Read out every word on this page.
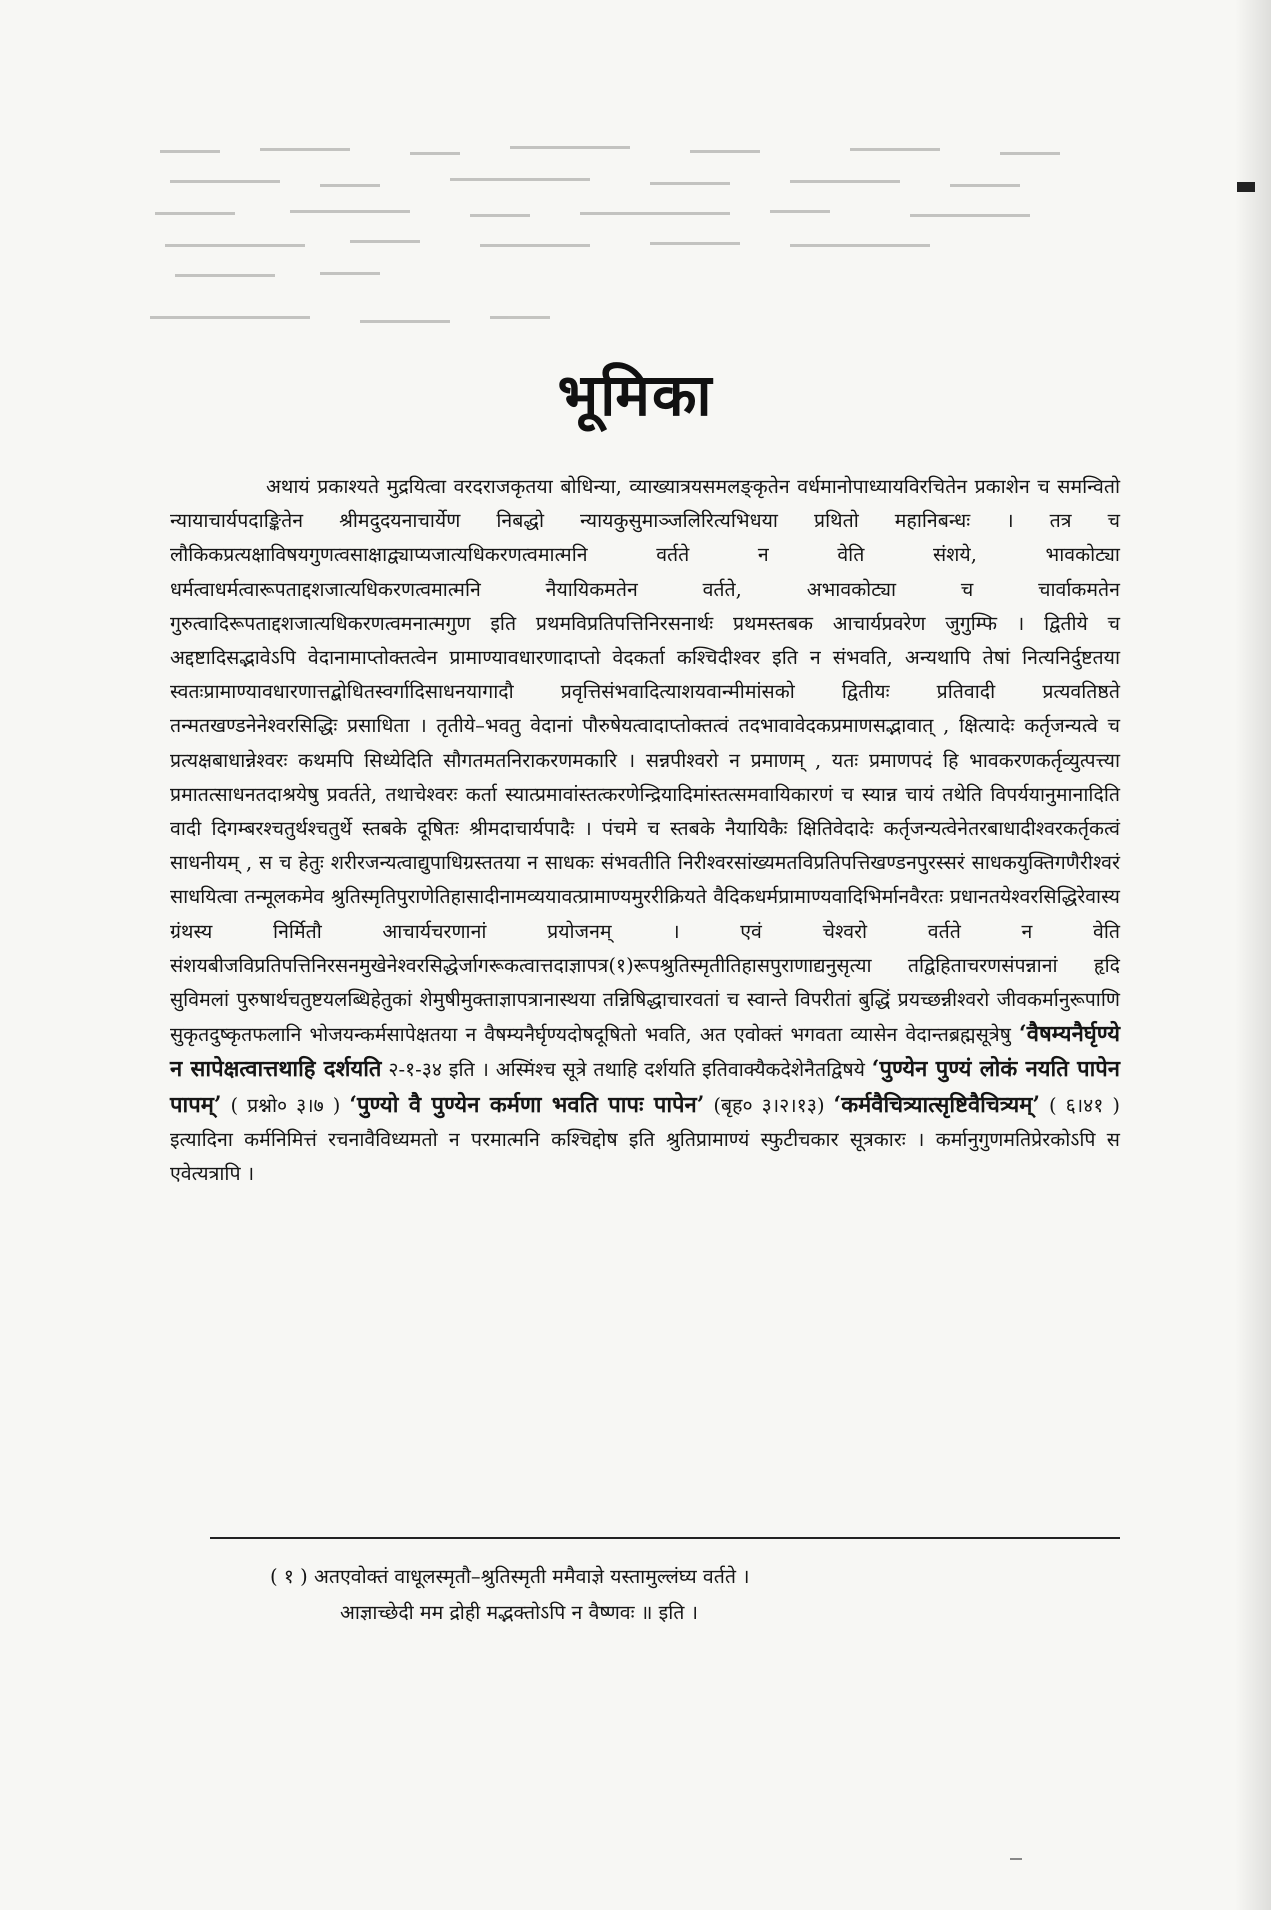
भूमिका

अथायं प्रकाश्यते मुद्रयित्वा वरदराजकृतया बोधिन्या, व्याख्यात्रयसमलङ्कृतेन वर्धमानोपाध्यायविरचितेन प्रकाशेन च समन्वितो न्यायाचार्यपदाङ्कितेन श्रीमदुदयनाचार्येण निबद्धो न्यायकुसुमाञ्जलिरित्यभिधया प्रथितो महानिबन्धः । तत्र च लौकिकप्रत्यक्षाविषयगुणत्वसाक्षाद्व्याप्यजात्यधिकरणत्वमात्मनि वर्तते न वेति संशये, भावकोट्या धर्मत्वाधर्मत्वारूपताद्दशजात्यधिकरणत्वमात्मनि नैयायिकमतेन वर्तते, अभावकोट्या च चार्वाकमतेन गुरुत्वादिरूपताद्दशजात्यधिकरणत्वमनात्मगुण इति प्रथमविप्रतिपत्तिनिरसनार्थः प्रथमस्तबक आचार्यप्रवरेण जुगुम्फि । द्वितीये च अद्दष्टादिसद्भावेऽपि वेदानामाप्तोक्तत्वेन प्रामाण्यावधारणादाप्तो वेदकर्ता कश्चिदीश्वर इति न संभवति, अन्यथापि तेषां नित्यनिर्दुष्टतया स्वतःप्रामाण्यावधारणात्तद्बोधितस्वर्गादिसाधनयागादौ प्रवृत्तिसंभवादित्याशयवान्मीमांसको द्वितीयः प्रतिवादी प्रत्यवतिष्ठते तन्मतखण्डनेनेश्वरसिद्धिः प्रसाधिता । तृतीये–भवतु वेदानां पौरुषेयत्वादाप्तोक्तत्वं तदभावावेदकप्रमाणसद्भावात् , क्षित्यादेः कर्तृजन्यत्वे च प्रत्यक्षबाधान्नेश्वरः कथमपि सिध्येदिति सौगतमतनिराकरणमकारि । सन्नपीश्वरो न प्रमाणम् , यतः प्रमाणपदं हि भावकरणकर्तृव्युत्पत्त्या प्रमातत्साधनतदाश्रयेषु प्रवर्तते, तथाचेश्वरः कर्ता स्यात्प्रमावांस्तत्करणेन्द्रियादिमांस्तत्समवायिकारणं च स्यान्न चायं तथेति विपर्ययानुमानादिति वादी दिगम्बरश्चतुर्थश्चतुर्थे स्तबके दूषितः श्रीमदाचार्यपादैः । पंचमे च स्तबके नैयायिकैः क्षितिवेदादेः कर्तृजन्यत्वेनेतरबाधादीश्वरकर्तृकत्वं साधनीयम् , स च हेतुः शरीरजन्यत्वाद्युपाधिग्रस्ततया न साधकः संभवतीति निरीश्वरसांख्यमतविप्रतिपत्तिखण्डनपुरस्सरं साधकयुक्तिगणैरीश्वरं साधयित्वा तन्मूलकमेव श्रुतिस्मृतिपुराणेतिहासादीनामव्ययावत्प्रामाण्यमुररीक्रियते वैदिकधर्मप्रामाण्यवादिभिर्मानवैरतः प्रधानतयेश्वरसिद्धिरेवास्य ग्रंथस्य निर्मितौ आचार्यचरणानां प्रयोजनम् । एवं चेश्वरो वर्तते न वेति संशयबीजविप्रतिपत्तिनिरसनमुखेनेश्वरसिद्धेर्जागरूकत्वात्तदाज्ञापत्र(१)रूपश्रुतिस्मृतीतिहासपुराणाद्यनुसृत्या तद्विहिताचरणसंपन्नानां हृदि सुविमलां पुरुषार्थचतुष्टयलब्धिहेतुकां शेमुषीमुक्ताज्ञापत्रानास्थया तन्निषिद्धाचारवतां च स्वान्ते विपरीतां बुद्धिं प्रयच्छन्नीश्वरो जीवकर्मानुरूपाणि सुकृतदुष्कृतफलानि भोजयन्कर्मसापेक्षतया न वैषम्यनैर्घृण्यदोषदूषितो भवति, अत एवोक्तं भगवता व्यासेन वेदान्तब्रह्मसूत्रेषु ‘वैषम्यनैर्घृण्ये न सापेक्षत्वात्तथाहि दर्शयति २-१-३४ इति । अस्मिंश्च सूत्रे तथाहि दर्शयति इतिवाक्यैकदेशेनैतद्विषये ‘पुण्येन पुण्यं लोकं नयति पापेन पापम्’ ( प्रश्नो० ३।७ ) ‘पुण्यो वै पुण्येन कर्मणा भवति पापः पापेन’ (बृह० ३।२।१३) ‘कर्मवैचित्र्यात्सृष्टिवैचित्र्यम्’ ( ६।४१ ) इत्यादिना कर्मनिमित्तं रचनावैविध्यमतो न परमात्मनि कश्चिद्दोष इति श्रुतिप्रामाण्यं स्फुटीचकार सूत्रकारः । कर्मानुगुणमतिप्रेरकोऽपि स एवेत्यत्रापि ।

( १ ) अतएवोक्तं वाधूलस्मृतौ–श्रुतिस्मृती ममैवाज्ञे यस्तामुल्लंघ्य वर्तते ।
आज्ञाच्छेदी मम द्रोही मद्भक्तोऽपि न वैष्णवः ॥ इति ।
